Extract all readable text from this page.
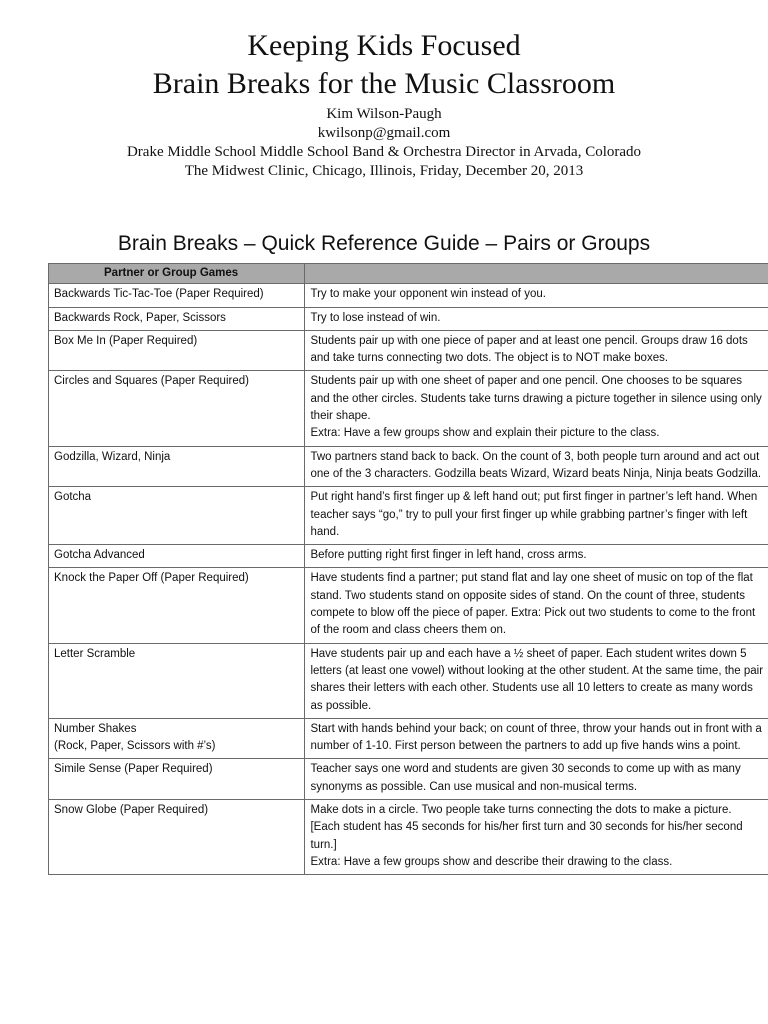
Keeping Kids Focused
Brain Breaks for the Music Classroom
Kim Wilson-Paugh
kwilsonp@gmail.com
Drake Middle School Middle School Band & Orchestra Director in Arvada, Colorado
The Midwest Clinic, Chicago, Illinois, Friday, December 20, 2013
Brain Breaks – Quick Reference Guide – Pairs or Groups
Partner or Group Games	
Backwards Tic-Tac-Toe (Paper Required)	Try to make your opponent win instead of you.
Backwards Rock, Paper, Scissors	Try to lose instead of win.
Box Me In (Paper Required)	Students pair up with one piece of paper and at least one pencil. Groups draw 16 dots and take turns connecting two dots. The object is to NOT make boxes.
Circles and Squares (Paper Required)	Students pair up with one sheet of paper and one pencil. One chooses to be squares and the other circles. Students take turns drawing a picture together in silence using only their shape.
Extra: Have a few groups show and explain their picture to the class.

Godzilla, Wizard, Ninja	Two partners stand back to back. On the count of 3, both people turn around and act out one of the 3 characters. Godzilla beats Wizard, Wizard beats Ninja, Ninja beats Godzilla.
Gotcha	Put right hand’s first finger up & left hand out; put first finger in partner’s left hand. When teacher says “go,” try to pull your first finger up while grabbing partner’s finger with left hand.
Gotcha Advanced	Before putting right first finger in left hand, cross arms.
Knock the Paper Off (Paper Required)	Have students find a partner; put stand flat and lay one sheet of music on top of the flat stand. Two students stand on opposite sides of stand. On the count of three, students compete to blow off the piece of paper. Extra: Pick out two students to come to the front of the room and class cheers them on.
Letter Scramble	Have students pair up and each have a ½ sheet of paper. Each student writes down 5 letters (at least one vowel) without looking at the other student. At the same time, the pair shares their letters with each other. Students use all 10 letters to create as many words as possible.

Number Shakes
(Rock, Paper, Scissors with #’s)	Start with hands behind your back; on count of three, throw your hands out in front with a number of 1-10. First person between the partners to add up five hands wins a point.
Simile Sense (Paper Required)	Teacher says one word and students are given 30 seconds to come up with as many synonyms as possible. Can use musical and non-musical terms.
Snow Globe (Paper Required)	Make dots in a circle. Two people take turns connecting the dots to make a picture. [Each student has 45 seconds for his/her first turn and 30 seconds for his/her second turn.]
Extra: Have a few groups show and describe their drawing to the class.
